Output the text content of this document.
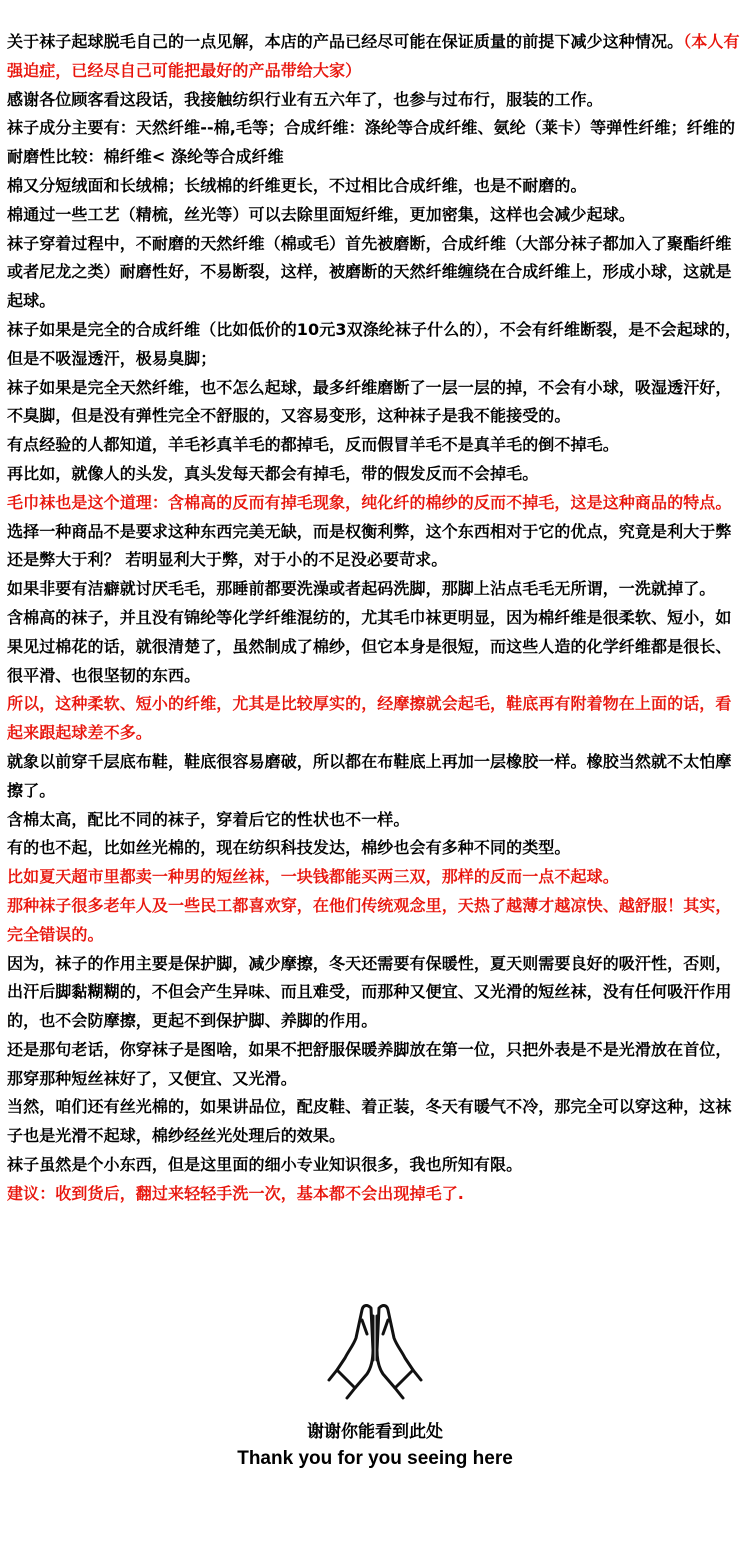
关于袜子起球脱毛自己的一点见解，本店的产品已经尽可能在保证质量的前提下减少这种情况。（本人有强迫症，已经尽自己可能把最好的产品带给大家）

感谢各位顾客看这段话，我接触纺织行业有五六年了，也参与过布行，服装的工作。

袜子成分主要有：天然纤维--棉,毛等；合成纤维：涤纶等合成纤维、氨纶（莱卡）等弹性纤维；纤维的耐磨性比较：棉纤维< 涤纶等合成纤维

棉又分短绒面和长绒棉；长绒棉的纤维更长，不过相比合成纤维，也是不耐磨的。

棉通过一些工艺（精梳，丝光等）可以去除里面短纤维，更加密集，这样也会减少起球。

袜子穿着过程中，不耐磨的天然纤维（棉或毛）首先被磨断，合成纤维（大部分袜子都加入了聚酯纤维或者尼龙之类）耐磨性好，不易断裂，这样，被磨断的天然纤维缠绕在合成纤维上，形成小球，这就是起球。

袜子如果是完全的合成纤维（比如低价的10元3双涤纶袜子什么的），不会有纤维断裂，是不会起球的，但是不吸湿透汗，极易臭脚；

袜子如果是完全天然纤维，也不怎么起球，最多纤维磨断了一层一层的掉，不会有小球，吸湿透汗好，不臭脚，但是没有弹性完全不舒服的，又容易变形，这种袜子是我不能接受的。

有点经验的人都知道，羊毛衫真羊毛的都掉毛，反而假冒羊毛不是真羊毛的倒不掉毛。

再比如，就像人的头发，真头发每天都会有掉毛，带的假发反而不会掉毛。

毛巾袜也是这个道理：含棉高的反而有掉毛现象，纯化纤的棉纱的反而不掉毛，这是这种商品的特点。

选择一种商品不是要求这种东西完美无缺，而是权衡利弊，这个东西相对于它的优点，究竟是利大于弊还是弊大于利？ 若明显利大于弊，对于小的不足没必要苛求。

如果非要有洁癖就讨厌毛毛，那睡前都要洗澡或者起码洗脚，那脚上沾点毛毛无所谓，一洗就掉了。

含棉高的袜子，并且没有锦纶等化学纤维混纺的，尤其毛巾袜更明显，因为棉纤维是很柔软、短小，如果见过棉花的话，就很清楚了，虽然制成了棉纱，但它本身是很短，而这些人造的化学纤维都是很长、很平滑、也很坚韧的东西。

所以，这种柔软、短小的纤维，尤其是比较厚实的，经摩擦就会起毛，鞋底再有附着物在上面的话，看起来跟起球差不多。

就象以前穿千层底布鞋，鞋底很容易磨破，所以都在布鞋底上再加一层橡胶一样。橡胶当然就不太怕摩擦了。

含棉太高，配比不同的袜子，穿着后它的性状也不一样。

有的也不起，比如丝光棉的，现在纺织科技发达，棉纱也会有多种不同的类型。

比如夏天超市里都卖一种男的短丝袜，一块钱都能买两三双，那样的反而一点不起球。

那种袜子很多老年人及一些民工都喜欢穿，在他们传统观念里，天热了越薄才越凉快、越舒服！其实，完全错误的。

因为，袜子的作用主要是保护脚，减少摩擦，冬天还需要有保暖性，夏天则需要良好的吸汗性，否则，出汗后脚黏糊糊的，不但会产生异味、而且难受，而那种又便宜、又光滑的短丝袜，没有任何吸汗作用的，也不会防摩擦，更起不到保护脚、养脚的作用。

还是那句老话，你穿袜子是图啥，如果不把舒服保暖养脚放在第一位，只把外表是不是光滑放在首位，那穿那种短丝袜好了，又便宜、又光滑。

当然，咱们还有丝光棉的，如果讲品位，配皮鞋、着正装，冬天有暖气不冷，那完全可以穿这种，这袜子也是光滑不起球，棉纱经丝光处理后的效果。

袜子虽然是个小东西，但是这里面的细小专业知识很多，我也所知有限。

建议：收到货后，翻过来轻轻手洗一次，基本都不会出现掉毛了.

谢谢你能看到此处
Thank you for you seeing here
